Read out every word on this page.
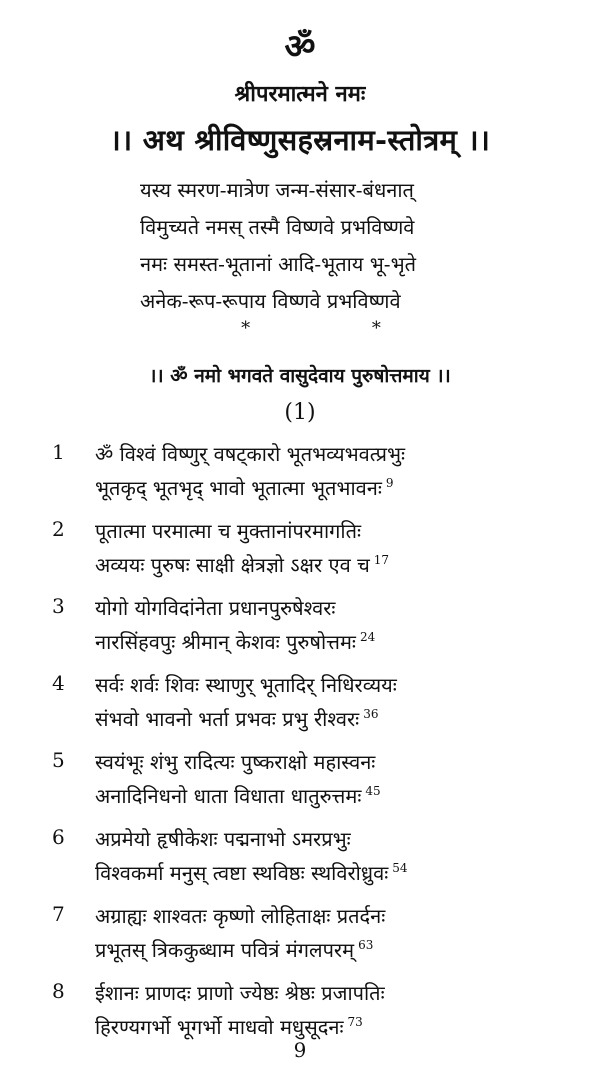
ॐ
श्रीपरमात्मने नमः
।। अथ श्रीविष्णुसहस्रनाम-स्तोत्रम् ।।
यस्य स्मरण-मात्रेण जन्म-संसार-बंधनात्
विमुच्यते नमस् तस्मै विष्णवे प्रभविष्णवे
नमः समस्त-भूतानां आदि-भूताय भू-भृते
अनेक-रूप-रूपाय विष्णवे प्रभविष्णवे
* *
।। ॐ नमो भगवते वासुदेवाय पुरुषोत्तमाय ।।
(1)
1 ॐ विश्वं विष्णुर् वषट्कारो भूतभव्यभवत्प्रभुः
भूतकृद् भूतभृद् भावो भूतात्मा भूतभावनः $^9$
2 पूतात्मा परमात्मा च मुक्तानांपरमागतिः
अव्ययः पुरुषः साक्षी क्षेत्रज्ञो ऽक्षर एव च $^{17}$
3 योगो योगविदांनेता प्रधानपुरुषेश्वरः
नारसिंहवपुः श्रीमान् केशवः पुरुषोत्तमः $^{24}$
4 सर्वः शर्वः शिवः स्थाणुर् भूतादिर् निधिरव्ययः
संभवो भावनो भर्ता प्रभवः प्रभु रीश्वरः $^{36}$
5 स्वयंभूः शंभु रादित्यः पुष्कराक्षो महास्वनः
अनादिनिधनो धाता विधाता धातुरुत्तमः $^{45}$
6 अप्रमेयो हृषीकेशः पद्मनाभो ऽमरप्रभुः
विश्वकर्मा मनुस् त्वष्टा स्थविष्ठः स्थविरोध्रुवः $^{54}$
7 अग्राह्यः शाश्वतः कृष्णो लोहिताक्षः प्रतर्दनः
प्रभूतस् त्रिककुब्धाम पवित्रं मंगलपरम् $^{63}$
8 ईशानः प्राणदः प्राणो ज्येष्ठः श्रेष्ठः प्रजापतिः
हिरण्यगर्भो भूगर्भो माधवो मधुसूदनः $^{73}$
9
